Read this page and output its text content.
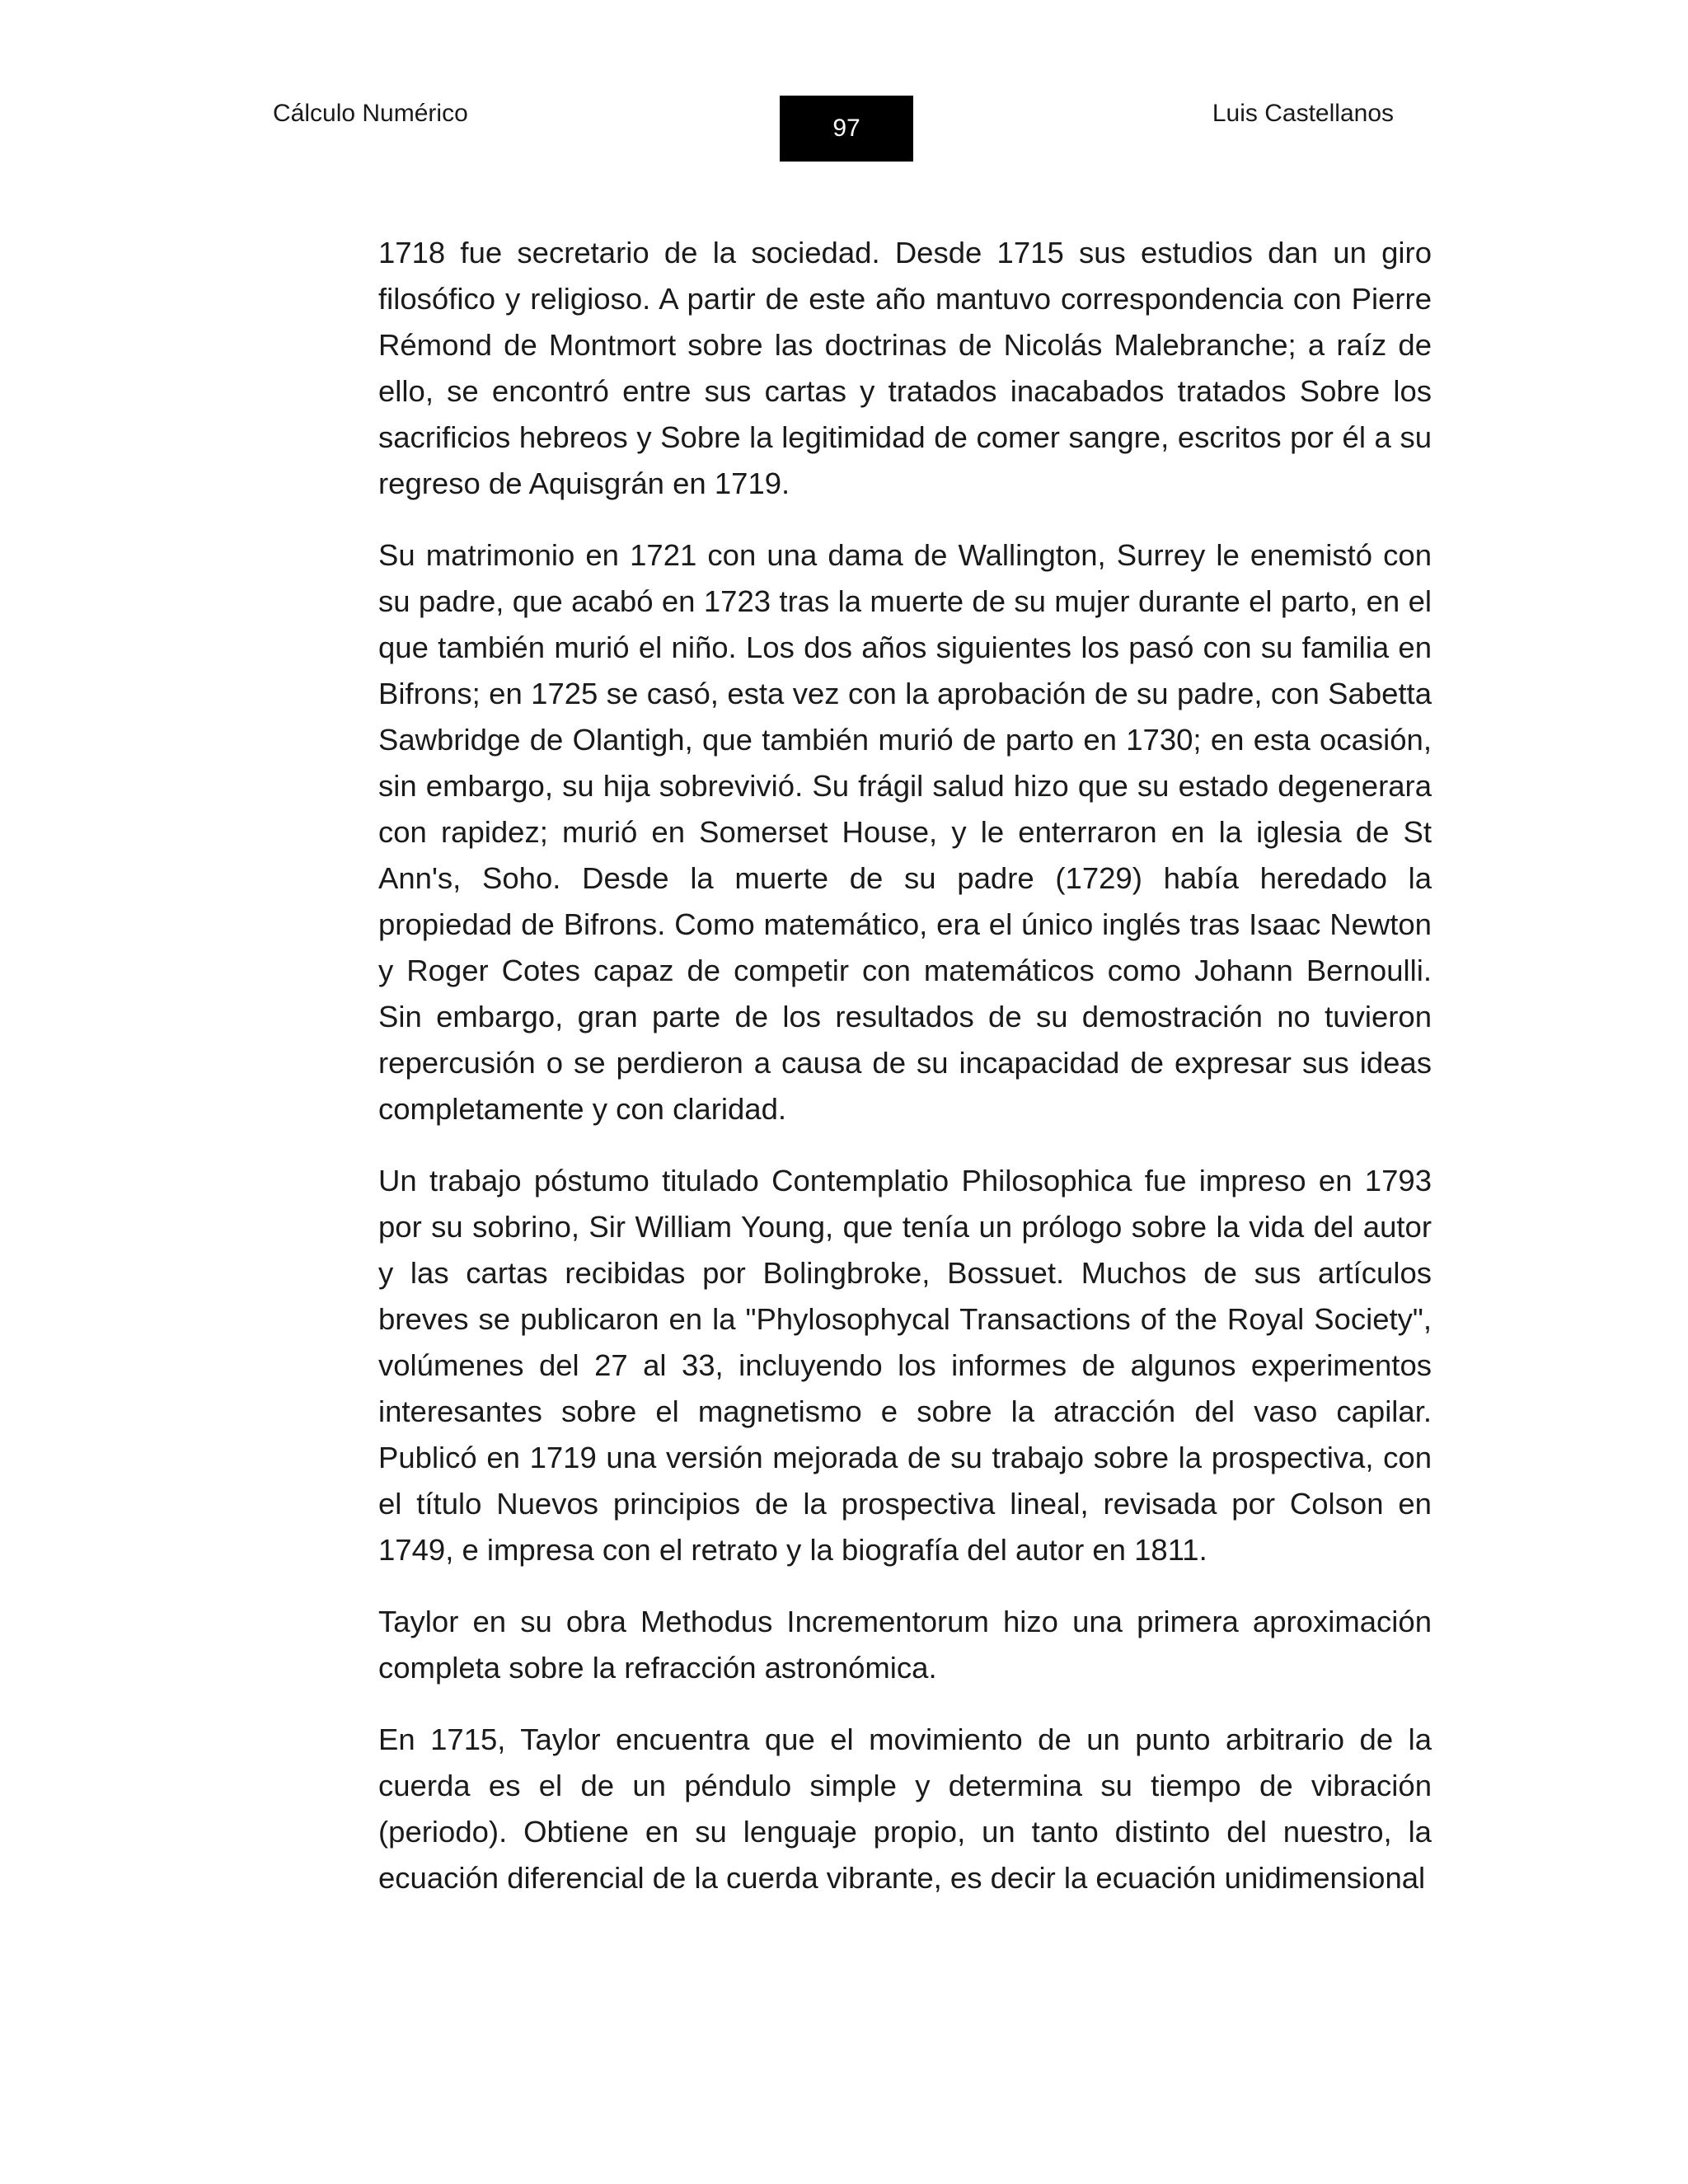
Cálculo Numérico
97
Luis Castellanos

1718 fue secretario de la sociedad. Desde 1715 sus estudios dan un giro filosófico y religioso. A partir de este año mantuvo correspondencia con Pierre Rémond de Montmort sobre las doctrinas de Nicolás Malebranche; a raíz de ello, se encontró entre sus cartas y tratados inacabados tratados Sobre los sacrificios hebreos y Sobre la legitimidad de comer sangre, escritos por él a su regreso de Aquisgrán en 1719.

Su matrimonio en 1721 con una dama de Wallington, Surrey le enemistó con su padre, que acabó en 1723 tras la muerte de su mujer durante el parto, en el que también murió el niño. Los dos años siguientes los pasó con su familia en Bifrons; en 1725 se casó, esta vez con la aprobación de su padre, con Sabetta Sawbridge de Olantigh, que también murió de parto en 1730; en esta ocasión, sin embargo, su hija sobrevivió. Su frágil salud hizo que su estado degenerara con rapidez; murió en Somerset House, y le enterraron en la iglesia de St Ann's, Soho. Desde la muerte de su padre (1729) había heredado la propiedad de Bifrons. Como matemático, era el único inglés tras Isaac Newton y Roger Cotes capaz de competir con matemáticos como Johann Bernoulli. Sin embargo, gran parte de los resultados de su demostración no tuvieron repercusión o se perdieron a causa de su incapacidad de expresar sus ideas completamente y con claridad.

Un trabajo póstumo titulado Contemplatio Philosophica fue impreso en 1793 por su sobrino, Sir William Young, que tenía un prólogo sobre la vida del autor y las cartas recibidas por Bolingbroke, Bossuet. Muchos de sus artículos breves se publicaron en la "Phylosophycal Transactions of the Royal Society", volúmenes del 27 al 33, incluyendo los informes de algunos experimentos interesantes sobre el magnetismo e sobre la atracción del vaso capilar. Publicó en 1719 una versión mejorada de su trabajo sobre la prospectiva, con el título Nuevos principios de la prospectiva lineal, revisada por Colson en 1749, e impresa con el retrato y la biografía del autor en 1811.

Taylor en su obra Methodus Incrementorum hizo una primera aproximación completa sobre la refracción astronómica.

En 1715, Taylor encuentra que el movimiento de un punto arbitrario de la cuerda es el de un péndulo simple y determina su tiempo de vibración (periodo). Obtiene en su lenguaje propio, un tanto distinto del nuestro, la ecuación diferencial de la cuerda vibrante, es decir la ecuación unidimensional
